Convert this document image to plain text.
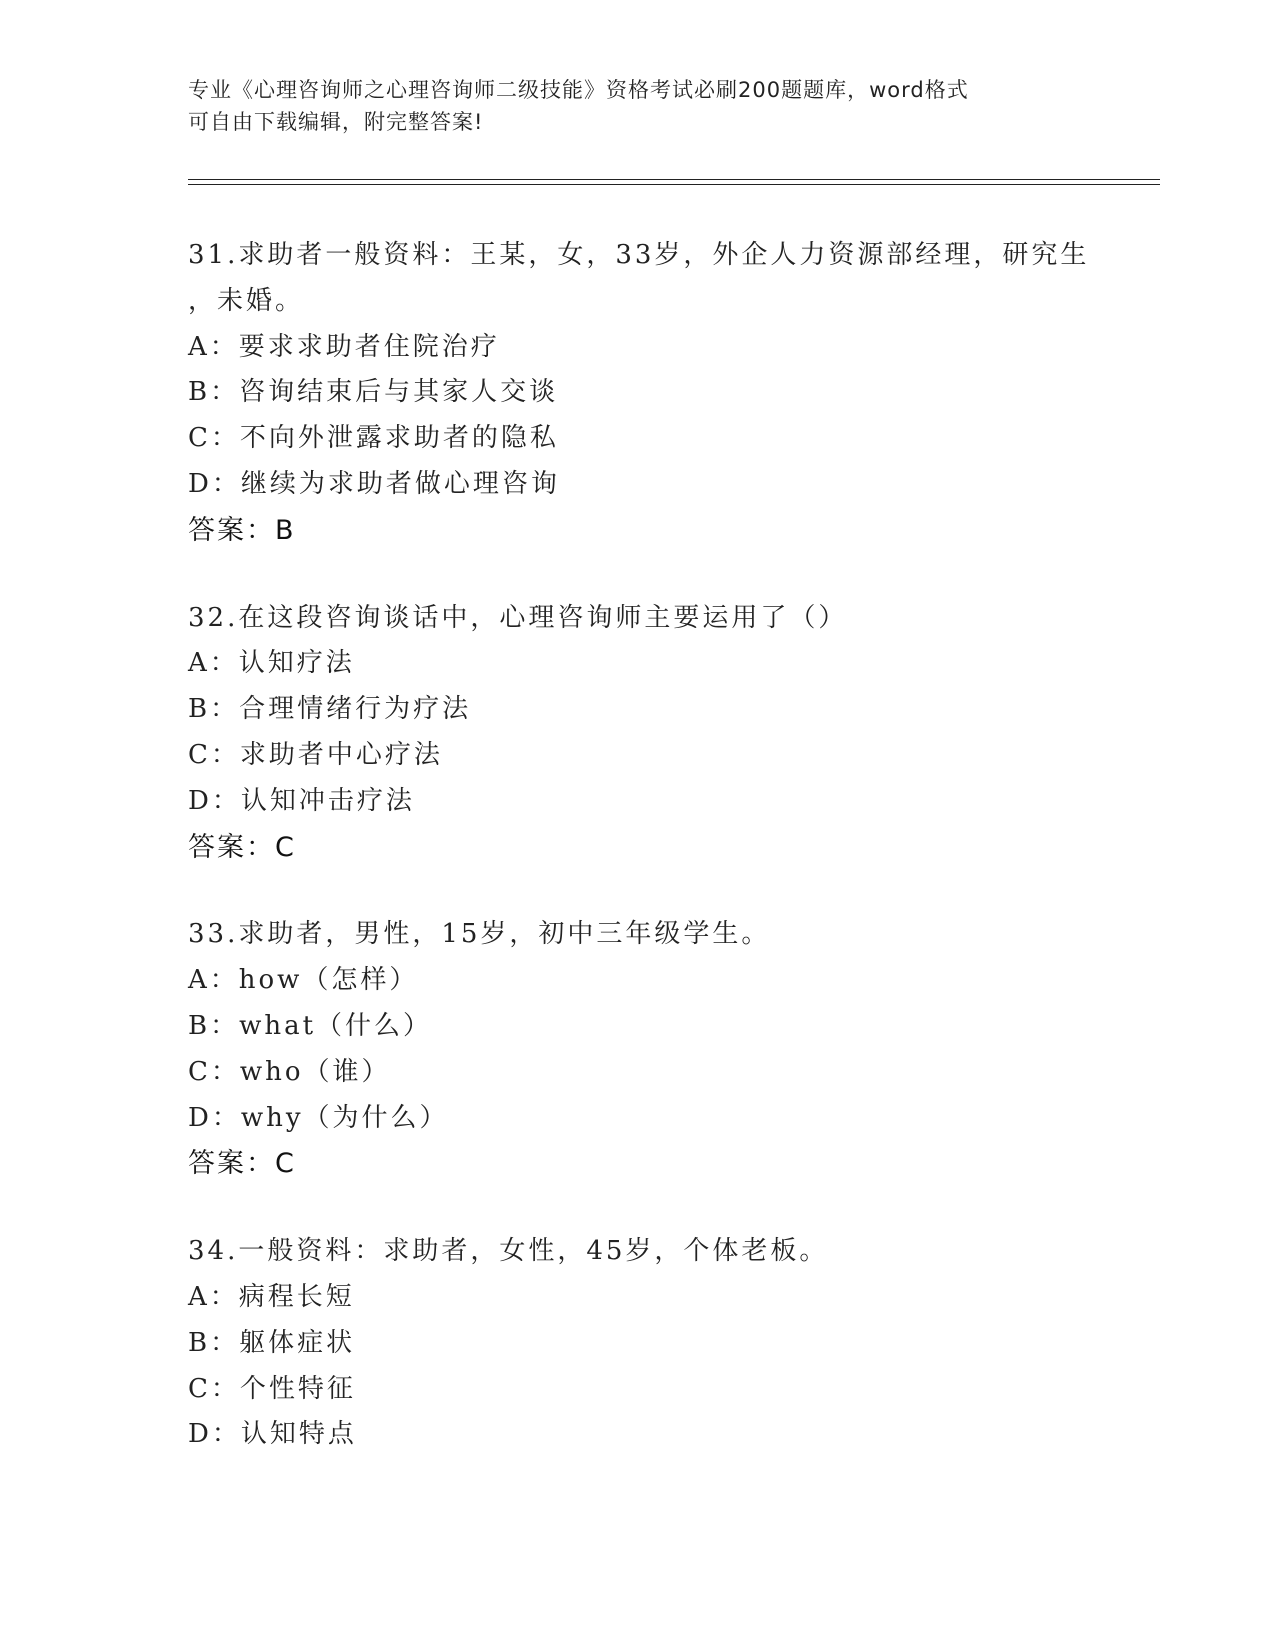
专业《心理咨询师之心理咨询师二级技能》资格考试必刷200题题库，word格式
可自由下载编辑，附完整答案!
31.求助者一般资料：王某，女，33岁，外企人力资源部经理，研究生
，未婚。
A：要求求助者住院治疗
B：咨询结束后与其家人交谈
C：不向外泄露求助者的隐私
D：继续为求助者做心理咨询
答案：B
32.在这段咨询谈话中，心理咨询师主要运用了（）
A：认知疗法
B：合理情绪行为疗法
C：求助者中心疗法
D：认知冲击疗法
答案：C
33.求助者，男性，15岁，初中三年级学生。
A：how（怎样）
B：what（什么）
C：who（谁）
D：why（为什么）
答案：C
34.一般资料：求助者，女性，45岁，个体老板。
A：病程长短
B：躯体症状
C：个性特征
D：认知特点
